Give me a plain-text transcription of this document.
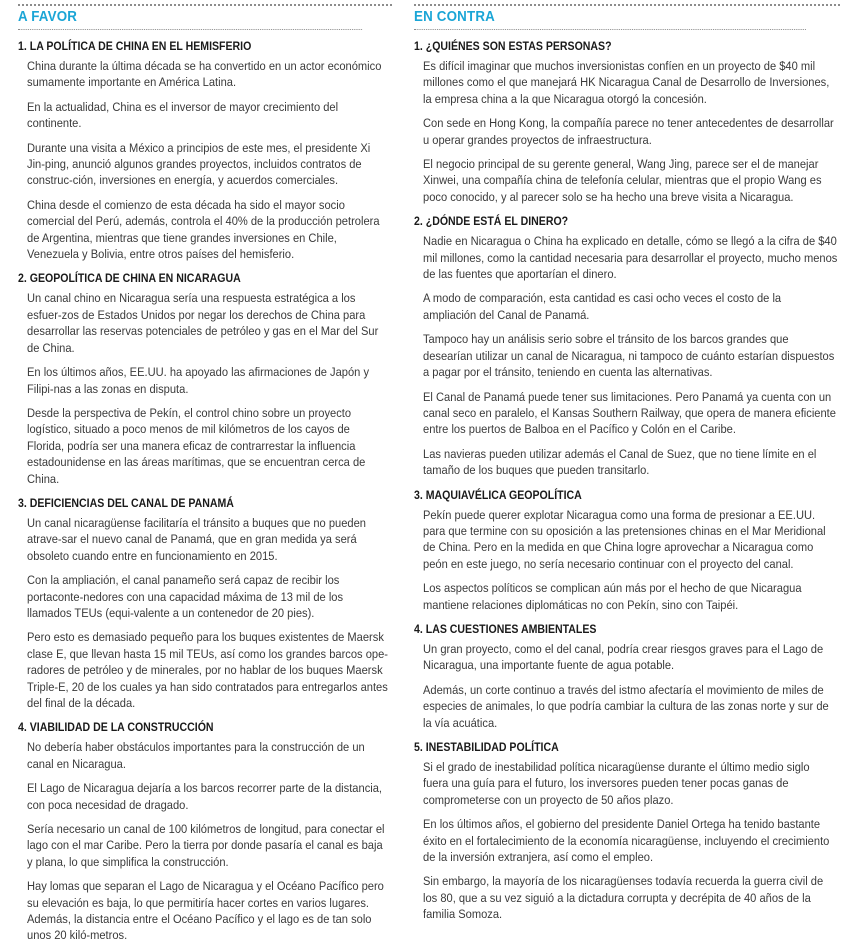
A FAVOR
1. LA POLÍTICA DE CHINA EN EL HEMISFERIO

China durante la última década se ha convertido en un actor económico sumamente importante en América Latina.

En la actualidad, China es el inversor de mayor crecimiento del continente.

Durante una visita a México a principios de este mes, el presidente Xi Jin-ping, anunció algunos grandes proyectos, incluidos contratos de construc-ción, inversiones en energía, y acuerdos comerciales.

China desde el comienzo de esta década ha sido el mayor socio comercial del Perú, además, controla el 40% de la producción petrolera de Argentina, mientras que tiene grandes inversiones en Chile, Venezuela y Bolivia, entre otros países del hemisferio.

2. GEOPOLÍTICA DE CHINA EN NICARAGUA

Un canal chino en Nicaragua sería una respuesta estratégica a los esfuer-zos de Estados Unidos por negar los derechos de China para desarrollar las reservas potenciales de petróleo y gas en el Mar del Sur de China.

En los últimos años, EE.UU. ha apoyado las afirmaciones de Japón y Filipi-nas a las zonas en disputa.

Desde la perspectiva de Pekín, el control chino sobre un proyecto logístico, situado a poco menos de mil kilómetros de los cayos de Florida, podría ser una manera eficaz de contrarrestar la influencia estadounidense en las áreas marítimas, que se encuentran cerca de China.

3. DEFICIENCIAS DEL CANAL DE PANAMÁ

Un canal nicaragüense facilitaría el tránsito a buques que no pueden atrave-sar el nuevo canal de Panamá, que en gran medida ya será obsoleto cuando entre en funcionamiento en 2015.

Con la ampliación, el canal panameño será capaz de recibir los portaconte-nedores con una capacidad máxima de 13 mil de los llamados TEUs (equi-valente a un contenedor de 20 pies).

Pero esto es demasiado pequeño para los buques existentes de Maersk clase E, que llevan hasta 15 mil TEUs, así como los grandes barcos ope-radores de petróleo y de minerales, por no hablar de los buques Maersk Triple-E, 20 de los cuales ya han sido contratados para entregarlos antes del final de la década.

4. VIABILIDAD DE LA CONSTRUCCIÓN

No debería haber obstáculos importantes para la construcción de un canal en Nicaragua.

El Lago de Nicaragua dejaría a los barcos recorrer parte de la distancia, con poca necesidad de dragado.

Sería necesario un canal de 100 kilómetros de longitud, para conectar el lago con el mar Caribe. Pero la tierra por donde pasaría el canal es baja y plana, lo que simplifica la construcción.

Hay lomas que separan el Lago de Nicaragua y el Océano Pacífico pero su elevación es baja, lo que permitiría hacer cortes en varios lugares. Además, la distancia entre el Océano Pacífico y el lago es de tan solo unos 20 kiló-metros.

EN CONTRA
1. ¿QUIÉNES SON ESTAS PERSONAS?

Es difícil imaginar que muchos inversionistas confíen en un proyecto de $40 mil millones como el que manejará HK Nicaragua Canal de Desarrollo de Inversiones, la empresa china a la que Nicaragua otorgó la concesión.

Con sede en Hong Kong, la compañía parece no tener antecedentes de desarrollar u operar grandes proyectos de infraestructura.

El negocio principal de su gerente general, Wang Jing, parece ser el de manejar Xinwei, una compañía china de telefonía celular, mientras que el propio Wang es poco conocido, y al parecer solo se ha hecho una breve visita a Nicaragua.

2. ¿DÓNDE ESTÁ EL DINERO?

Nadie en Nicaragua o China ha explicado en detalle, cómo se llegó a la cifra de $40 mil millones, como la cantidad necesaria para desarrollar el proyecto, mucho menos de las fuentes que aportarían el dinero.

A modo de comparación, esta cantidad es casi ocho veces el costo de la ampliación del Canal de Panamá.

Tampoco hay un análisis serio sobre el tránsito de los barcos grandes que desearían utilizar un canal de Nicaragua, ni tampoco de cuánto estarían dispuestos a pagar por el tránsito, teniendo en cuenta las alternativas.

El Canal de Panamá puede tener sus limitaciones. Pero Panamá ya cuenta con un canal seco en paralelo, el Kansas Southern Railway, que opera de manera eficiente entre los puertos de Balboa en el Pacífico y Colón en el Caribe.

Las navieras pueden utilizar además el Canal de Suez, que no tiene límite en el tamaño de los buques que pueden transitarlo.

3. MAQUIAVÉLICA GEOPOLÍTICA

Pekín puede querer explotar Nicaragua como una forma de presionar a EE.UU. para que termine con su oposición a las pretensiones chinas en el Mar Meridional de China. Pero en la medida en que China logre aprovechar a Nicaragua como peón en este juego, no sería necesario continuar con el proyecto del canal.

Los aspectos políticos se complican aún más por el hecho de que Nicaragua mantiene relaciones diplomáticas no con Pekín, sino con Taipéi.

4. LAS CUESTIONES AMBIENTALES

Un gran proyecto, como el del canal, podría crear riesgos graves para el Lago de Nicaragua, una importante fuente de agua potable.

Además, un corte continuo a través del istmo afectaría el movimiento de miles de especies de animales, lo que podría cambiar la cultura de las zonas norte y sur de la vía acuática.

5. INESTABILIDAD POLÍTICA

Si el grado de inestabilidad política nicaragüense durante el último medio siglo fuera una guía para el futuro, los inversores pueden tener pocas ganas de comprometerse con un proyecto de 50 años plazo.

En los últimos años, el gobierno del presidente Daniel Ortega ha tenido bastante éxito en el fortalecimiento de la economía nicaragüense, incluyendo el crecimiento de la inversión extranjera, así como el empleo.

Sin embargo, la mayoría de los nicaragüenses todavía recuerda la guerra civil de los 80, que a su vez siguió a la dictadura corrupta y decrépita de 40 años de la familia Somoza.
